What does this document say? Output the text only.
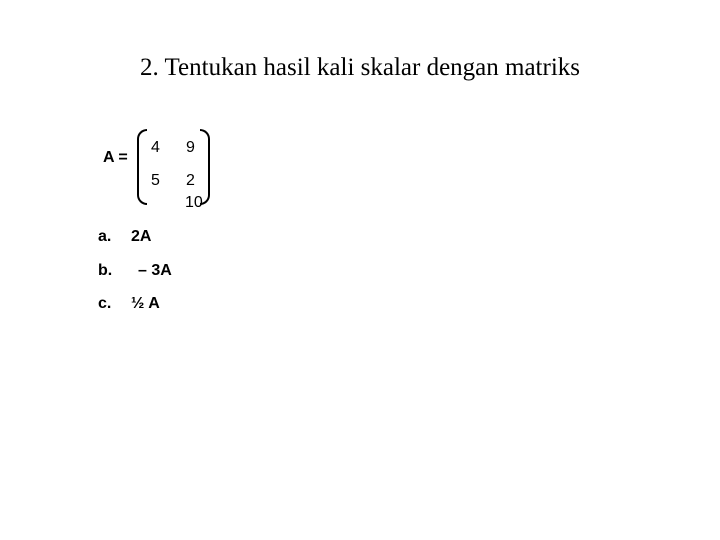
2. Tentukan hasil kali skalar dengan matriks
A =
4 9
5 2
10
a. 2A
b. – 3A
c. ½ A
